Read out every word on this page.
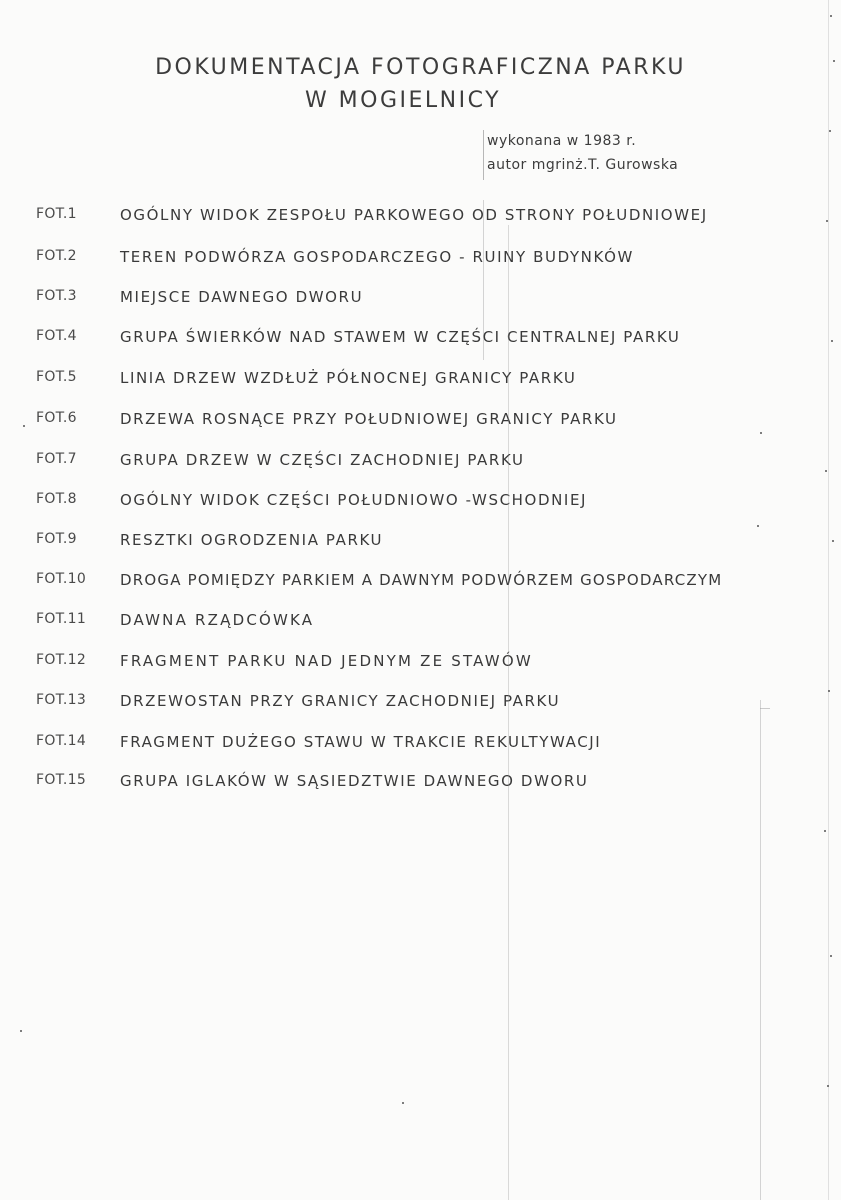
DOKUMENTACJA FOTOGRAFICZNA PARKU
W MOGIELNICY
wykonana w 1983 r.
autor mgrinż.T. Gurowska
FOT.1	OGÓLNY WIDOK ZESPOŁU PARKOWEGO OD STRONY POŁUDNIOWEJ
FOT.2	TEREN PODWÓRZA GOSPODARCZEGO - RUINY BUDYNKÓW
FOT.3	MIEJSCE DAWNEGO DWORU
FOT.4	GRUPA ŚWIERKÓW NAD STAWEM W CZĘŚCI CENTRALNEJ PARKU
FOT.5	LINIA DRZEW WZDŁUŻ PÓŁNOCNEJ GRANICY PARKU
FOT.6	DRZEWA ROSNĄCE PRZY POŁUDNIOWEJ GRANICY PARKU
FOT.7	GRUPA DRZEW W CZĘŚCI ZACHODNIEJ PARKU
FOT.8	OGÓLNY WIDOK CZĘŚCI POŁUDNIOWO -WSCHODNIEJ
FOT.9	RESZTKI OGRODZENIA PARKU
FOT.10 DROGA POMIĘDZY PARKIEM A DAWNYM PODWÓRZEM GOSPODARCZYM
FOT.11 DAWNA RZĄDCÓWKA
FOT.12 FRAGMENT PARKU NAD JEDNYM ZE STAWÓW
FOT.13 DRZEWOSTAN PRZY GRANICY ZACHODNIEJ PARKU
FOT.14 FRAGMENT DUŻEGO STAWU W TRAKCIE REKULTYWACJI
FOT.15 GRUPA IGLAKÓW W SĄSIEDZTWIE DAWNEGO DWORU
